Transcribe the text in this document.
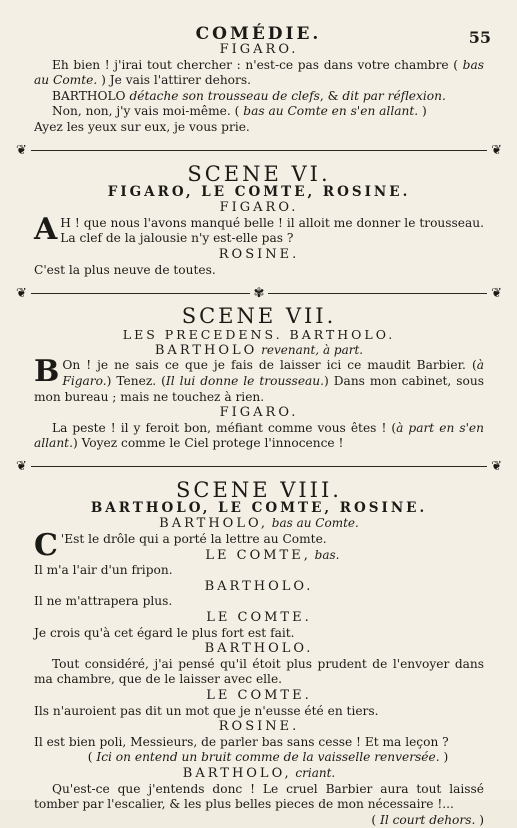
COMÉDIE.	55
FIGARO.

Eh bien ! j'irai tout chercher : n'est-ce pas dans votre chambre ( bas au Comte. ) Je vais l'attirer dehors.

BARTHOLO détache son trousseau de clefs, & dit par réflexion.

Non, non, j'y vais moi-même. ( bas au Comte en s'en allant. )

Ayez les yeux sur eux, je vous prie.

❦	❦
SCENE VI.
FIGARO, LE COMTE, ROSINE.
FIGARO.

A H ! que nous l'avons manqué belle ! il alloit me donner le trousseau. La clef de la jalousie n'y est-elle pas ?

ROSINE.

C'est la plus neuve de toutes.

❦	✾	❦
SCENE VII.
LES PRECEDENS. BARTHOLO.
BARTHOLO revenant, à part.

B On ! je ne sais ce que je fais de laisser ici ce maudit Barbier. (à Figaro.) Tenez. (Il lui donne le trousseau.) Dans mon cabinet, sous mon bureau ; mais ne touchez à rien.

FIGARO.

La peste ! il y feroit bon, méfiant comme vous êtes ! (à part en s'en allant.) Voyez comme le Ciel protege l'innocence !

❦	❦
SCENE VIII.
BARTHOLO, LE COMTE, ROSINE.
BARTHOLO, bas au Comte.

C 'Est le drôle qui a porté la lettre au Comte.

LE COMTE, bas.

Il m'a l'air d'un fripon.

BARTHOLO.

Il ne m'attrapera plus.

LE COMTE.

Je crois qu'à cet égard le plus fort est fait.

BARTHOLO.

Tout considéré, j'ai pensé qu'il étoit plus prudent de l'envoyer dans ma chambre, que de le laisser avec elle.

LE COMTE.

Ils n'auroient pas dit un mot que je n'eusse été en tiers.

ROSINE.

Il est bien poli, Messieurs, de parler bas sans cesse ! Et ma leçon ?

( Ici on entend un bruit comme de la vaisselle renversée. )

BARTHOLO, criant.

Qu'est-ce que j'entends donc ! Le cruel Barbier aura tout laissé tomber par l'escalier, & les plus belles pieces de mon nécessaire !...

( Il court dehors. )
